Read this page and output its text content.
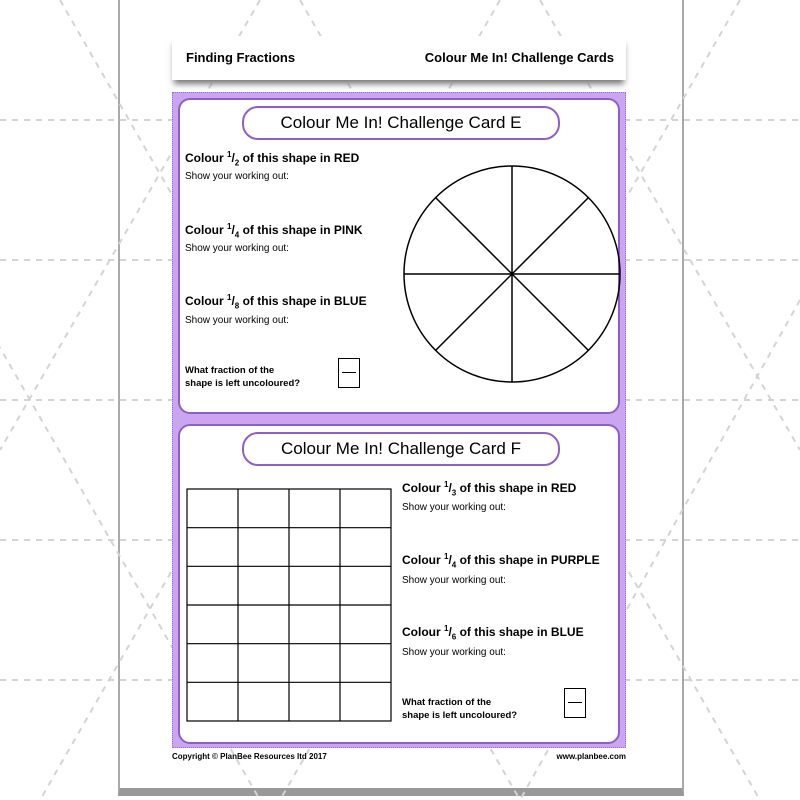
Finding Fractions	Colour Me In! Challenge Cards
Colour Me In! Challenge Card E
Colour $^1/_2$ of this shape in RED
Show your working out:
Colour $^1/_4$ of this shape in PINK
Show your working out:
Colour $^1/_8$ of this shape in BLUE
Show your working out:
What fraction of the
shape is left uncoloured?
Colour Me In! Challenge Card F
Colour $^1/_3$ of this shape in RED
Show your working out:
Colour $^1/_4$ of this shape in PURPLE
Show your working out:
Colour $^1/_6$ of this shape in BLUE
Show your working out:
What fraction of the
shape is left uncoloured?
Copyright © PlanBee Resources ltd 2017	www.planbee.com
